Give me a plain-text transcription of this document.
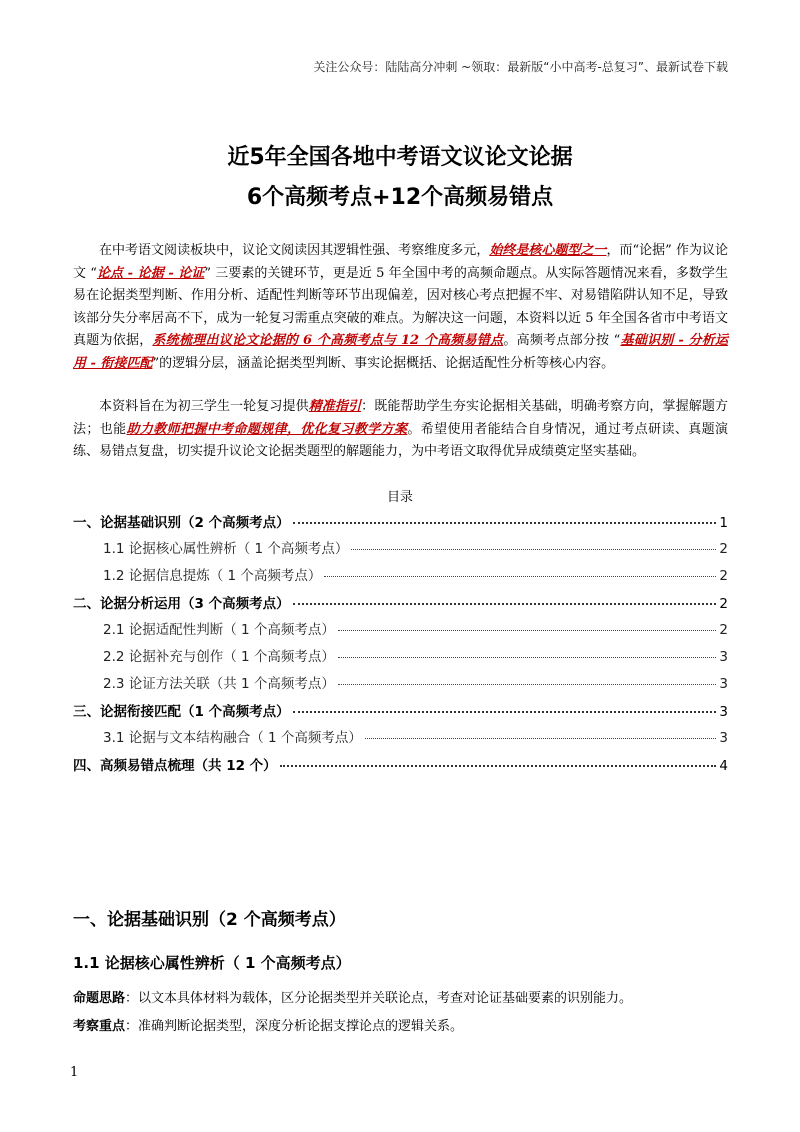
关注公众号：陆陆高分冲刺 ~领取：最新版“小中高考-总复习”、最新试卷下载
近5年全国各地中考语文议论文论据
6个高频考点+12个高频易错点
在中考语文阅读板块中，议论文阅读因其逻辑性强、考察维度多元，始终是核心题型之一，而“论据” 作为议论文 “论点 - 论据 - 论证” 三要素的关键环节，更是近 5 年全国中考的高频命题点。从实际答题情况来看，多数学生易在论据类型判断、作用分析、适配性判断等环节出现偏差，因对核心考点把握不牢、对易错陷阱认知不足，导致该部分失分率居高不下，成为一轮复习需重点突破的难点。为解决这一问题，本资料以近 5 年全国各省市中考语文真题为依据，系统梳理出议论文论据的 6 个高频考点与 12 个高频易错点。高频考点部分按 “基础识别 - 分析运用 - 衔接匹配”的逻辑分层，涵盖论据类型判断、事实论据概括、论据适配性分析等核心内容。
本资料旨在为初三学生一轮复习提供精准指引：既能帮助学生夯实论据相关基础，明确考察方向，掌握解题方法；也能助力教师把握中考命题规律，优化复习教学方案。希望使用者能结合自身情况，通过考点研读、真题演练、易错点复盘，切实提升议论文论据类题型的解题能力，为中考语文取得优异成绩奠定坚实基础。
目录
一、论据基础识别（2 个高频考点）	1
1.1 论据核心属性辨析（ 1 个高频考点）	2
1.2 论据信息提炼（ 1 个高频考点）	2
二、论据分析运用（3 个高频考点）	2
2.1 论据适配性判断（ 1 个高频考点）	2
2.2 论据补充与创作（ 1 个高频考点）	3
2.3 论证方法关联（共 1 个高频考点）	3
三、论据衔接匹配（1 个高频考点）	3
3.1 论据与文本结构融合（ 1 个高频考点）	3
四、高频易错点梳理（共 12 个）	4
一、论据基础识别（2 个高频考点）
1.1 论据核心属性辨析（ 1 个高频考点）
命题思路：以文本具体材料为载体，区分论据类型并关联论点，考查对论证基础要素的识别能力。
考察重点：准确判断论据类型，深度分析论据支撑论点的逻辑关系。
1
